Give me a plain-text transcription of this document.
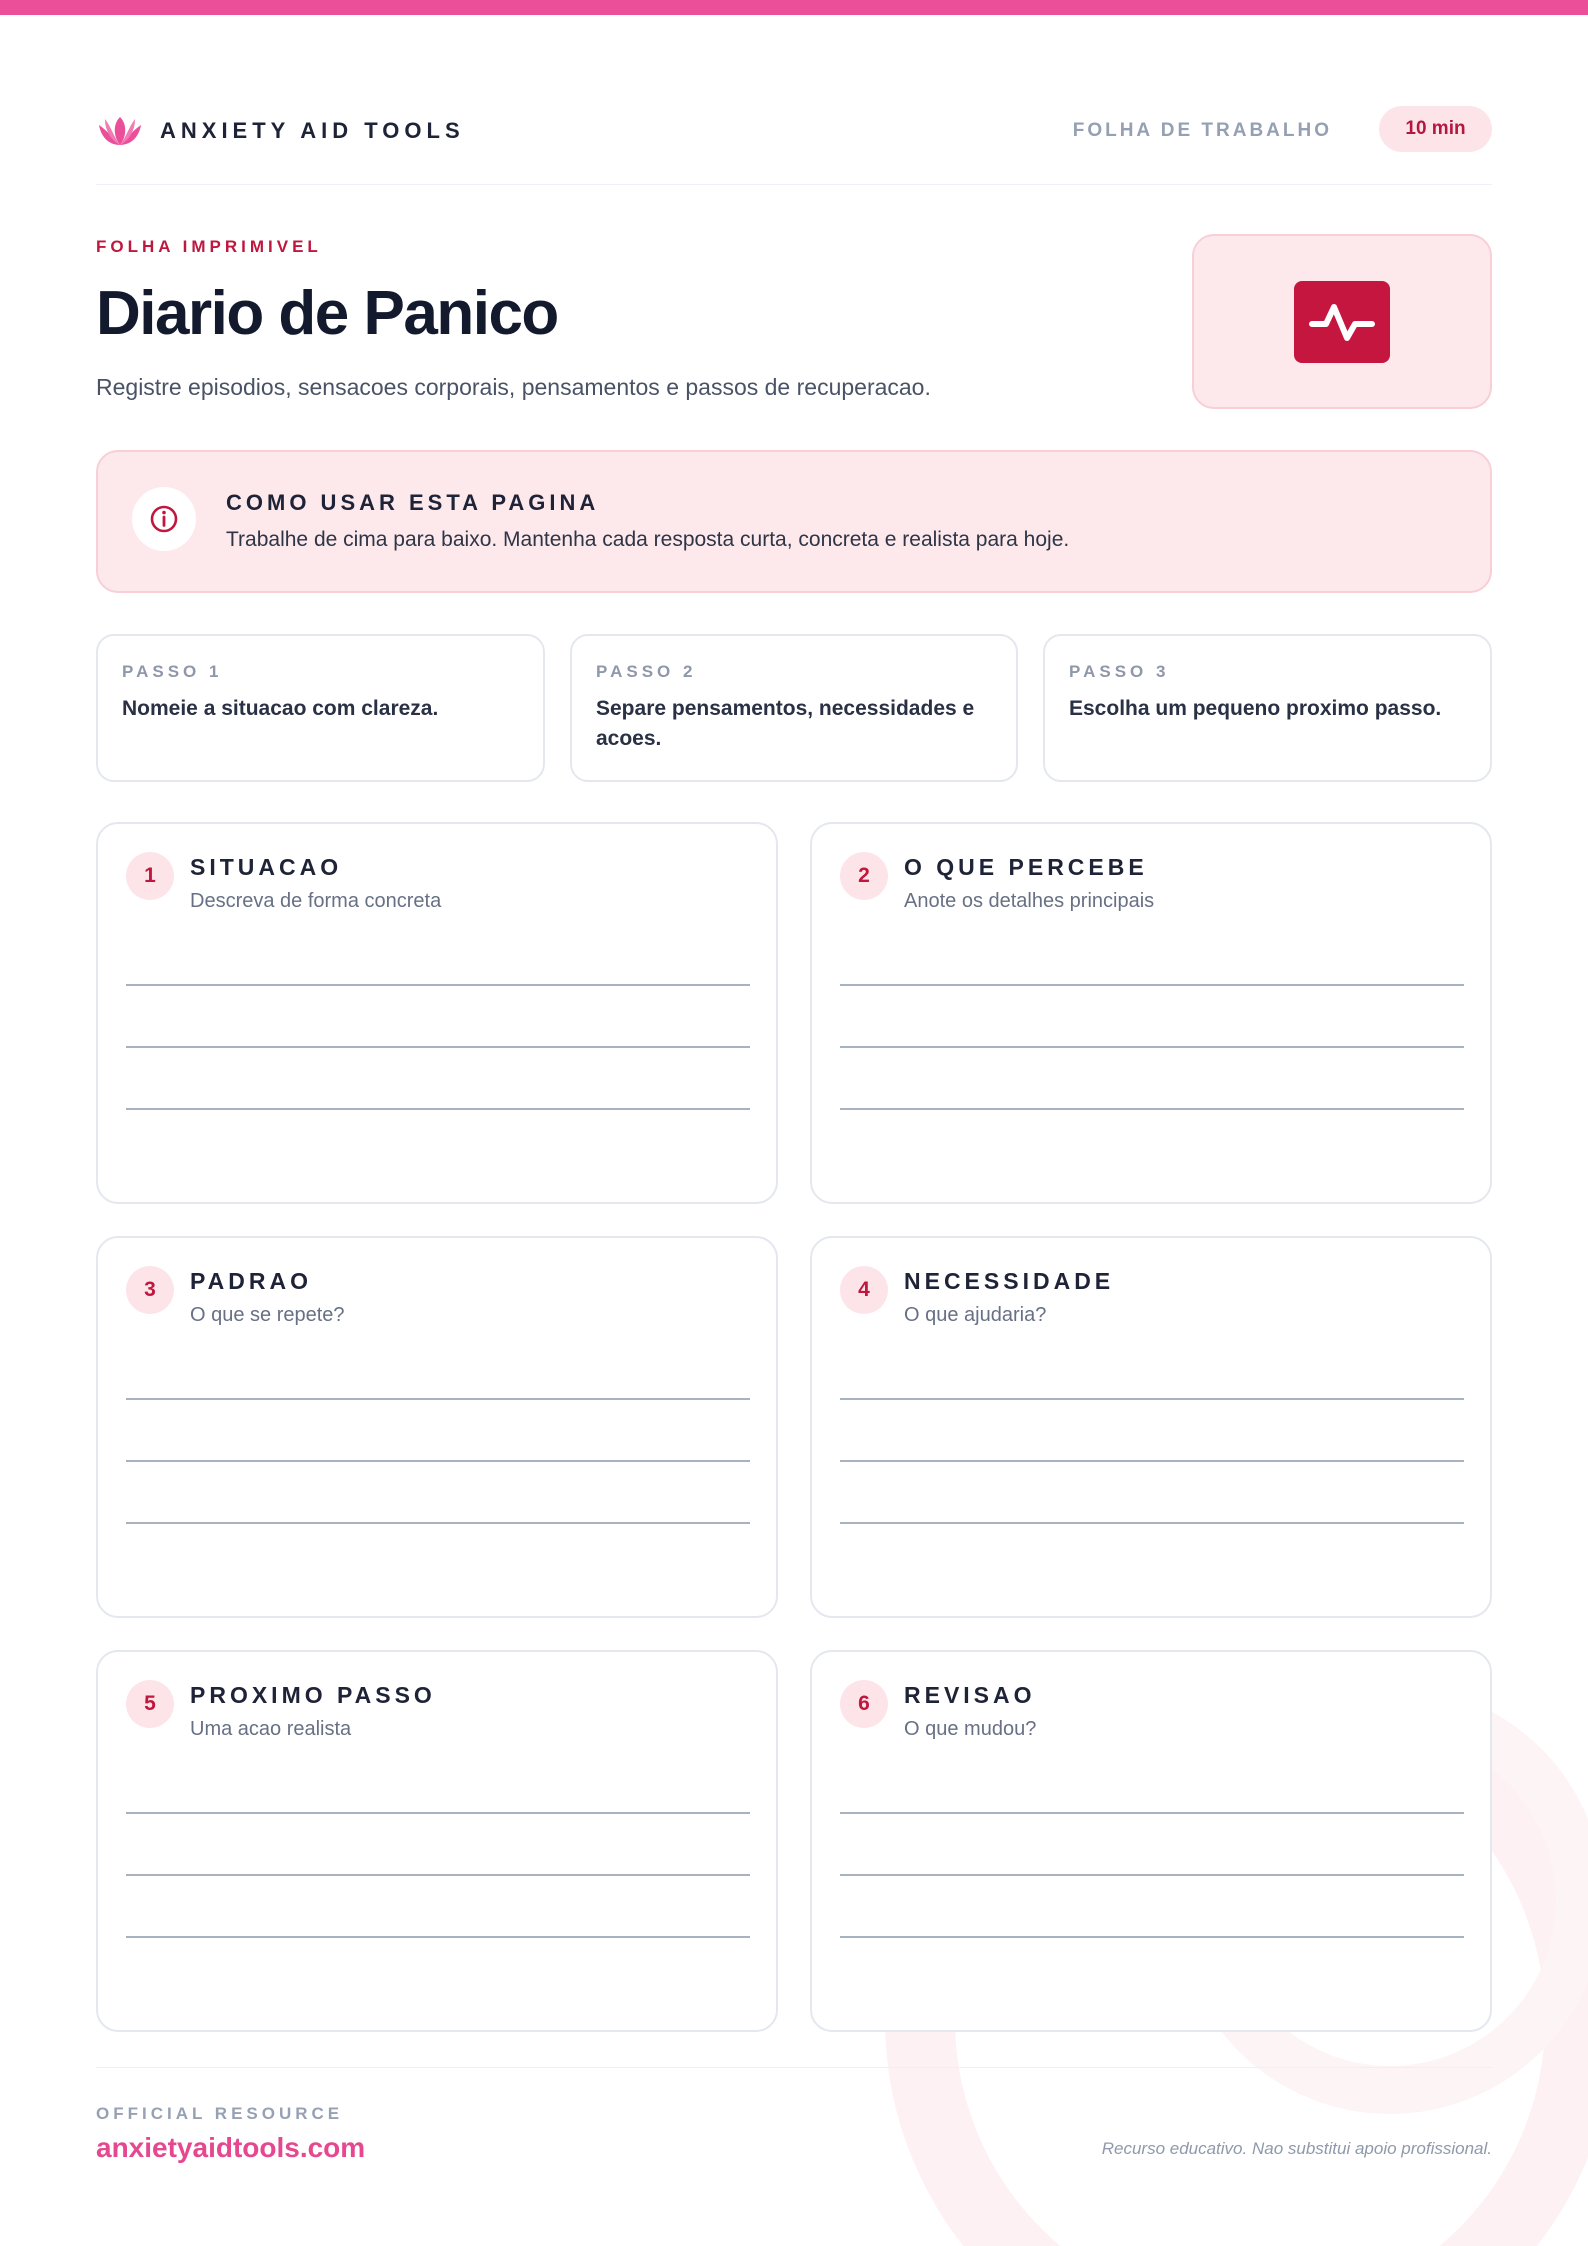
ANXIETY AID TOOLS	FOLHA DE TRABALHO	10 min
FOLHA IMPRIMIVEL
Diario de Panico

Registre episodios, sensacoes corporais, pensamentos e passos de recuperacao.

COMO USAR ESTA PAGINA
Trabalhe de cima para baixo. Mantenha cada resposta curta, concreta e realista para hoje.
PASSO 1
Nomeie a situacao com clareza.
PASSO 2
Separe pensamentos, necessidades e acoes.
PASSO 3
Escolha um pequeno proximo passo.
1	SITUACAO
Descreva de forma concreta
2	O QUE PERCEBE
Anote os detalhes principais
3	PADRAO
O que se repete?
4	NECESSIDADE
O que ajudaria?
5	PROXIMO PASSO
Uma acao realista
6	REVISAO
O que mudou?
OFFICIAL RESOURCE
anxietyaidtools.com	Recurso educativo. Nao substitui apoio profissional.
